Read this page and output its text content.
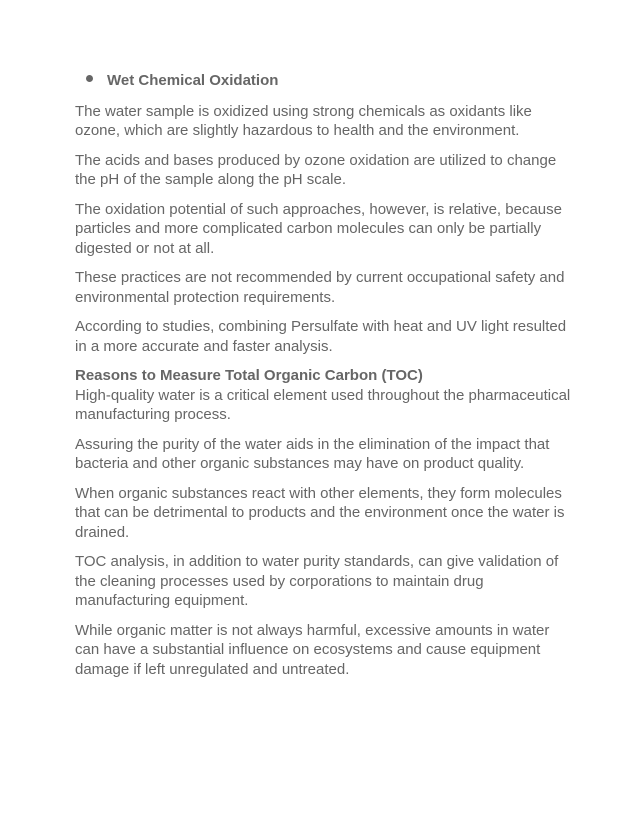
Wet Chemical Oxidation

The water sample is oxidized using strong chemicals as oxidants like ozone, which are slightly hazardous to health and the environment.

The acids and bases produced by ozone oxidation are utilized to change the pH of the sample along the pH scale.

The oxidation potential of such approaches, however, is relative, because particles and more complicated carbon molecules can only be partially digested or not at all.

These practices are not recommended by current occupational safety and environmental protection requirements.

According to studies, combining Persulfate with heat and UV light resulted in a more accurate and faster analysis.

Reasons to Measure Total Organic Carbon (TOC)

High-quality water is a critical element used throughout the pharmaceutical manufacturing process.

Assuring the purity of the water aids in the elimination of the impact that bacteria and other organic substances may have on product quality.

When organic substances react with other elements, they form molecules that can be detrimental to products and the environment once the water is drained.

TOC analysis, in addition to water purity standards, can give validation of the cleaning processes used by corporations to maintain drug manufacturing equipment.

While organic matter is not always harmful, excessive amounts in water can have a substantial influence on ecosystems and cause equipment damage if left unregulated and untreated.
